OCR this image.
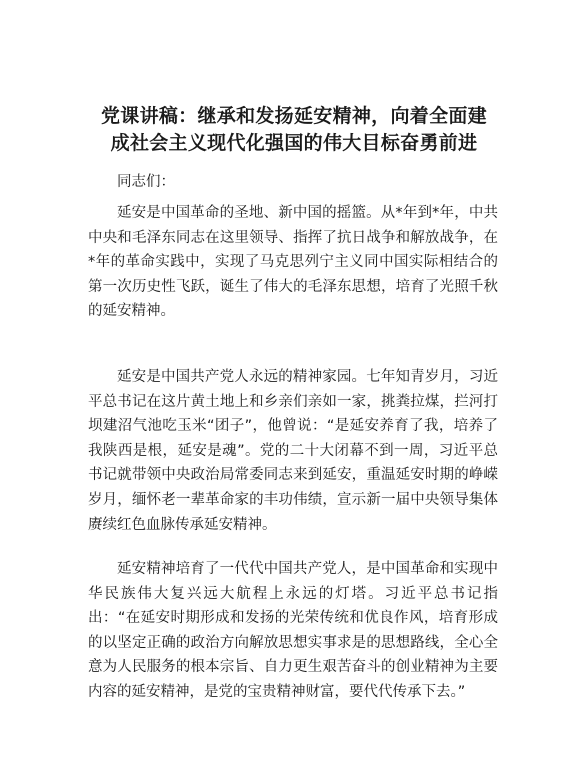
党课讲稿：继承和发扬延安精神，向着全面建
成社会主义现代化强国的伟大目标奋勇前进

同志们：

延安是中国革命的圣地、新中国的摇篮。从*年到*年，中共中央和毛泽东同志在这里领导、指挥了抗日战争和解放战争，在*年的革命实践中，实现了马克思列宁主义同中国实际相结合的第一次历史性飞跃，诞生了伟大的毛泽东思想，培育了光照千秋的延安精神。

延安是中国共产党人永远的精神家园。七年知青岁月，习近平总书记在这片黄土地上和乡亲们亲如一家，挑粪拉煤，拦河打坝建沼气池吃玉米“团子”，他曾说：“是延安养育了我，培养了我陕西是根，延安是魂”。党的二十大闭幕不到一周，习近平总书记就带领中央政治局常委同志来到延安，重温延安时期的峥嵘岁月，缅怀老一辈革命家的丰功伟绩，宣示新一届中央领导集体赓续红色血脉传承延安精神。

延安精神培育了一代代中国共产党人，是中国革命和实现中华民族伟大复兴远大航程上永远的灯塔。习近平总书记指出：“在延安时期形成和发扬的光荣传统和优良作风，培育形成的以坚定正确的政治方向解放思想实事求是的思想路线，全心全意为人民服务的根本宗旨、自力更生艰苦奋斗的创业精神为主要内容的延安精神，是党的宝贵精神财富，要代代传承下去。”
